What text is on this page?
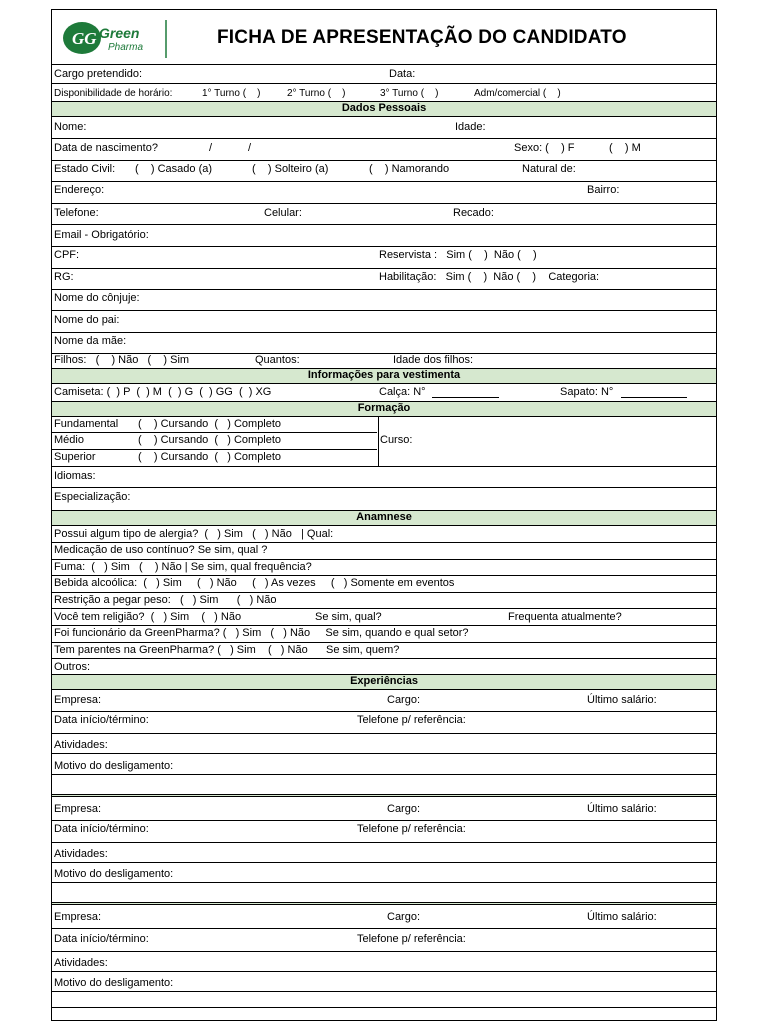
GG Green
Pharma	FICHA DE APRESENTAÇÃO DO CANDIDATO
Cargo pretendido:	Data:
Disponibilidade de horário:	1° Turno (    )	2° Turno (    )	3° Turno (    )	Adm/comercial (    )
Dados Pessoais
Nome:	Idade:
Data de nascimento?	/	/	Sexo: (    ) F	(    ) M
Estado Civil: (    ) Casado (a)	(    ) Solteiro (a)	(    ) Namorando	Natural de:
Endereço:	Bairro:
Telefone:	Celular:	Recado:
Email - Obrigatório:
CPF:	Reservista :   Sim (    )  Não (    )
RG:	Habilitação:   Sim (    )  Não (    )    Categoria:
Nome do cônjuje:
Nome do pai:
Nome da mãe:
Filhos:   (    ) Não   (    ) Sim	Quantos:	Idade dos filhos:
Informações para vestimenta
Camiseta: (  ) P  (  ) M  (  ) G  (  ) GG  (  ) XG	Calça: N°	Sapato: N°
Formação
Fundamental (    ) Cursando  (   ) Completo
Médio	(    ) Cursando  (   ) Completo
Superior	(    ) Cursando  (   ) Completo
Curso:
Idiomas:
Especialização:
Anamnese
Possui algum tipo de alergia?  (   ) Sim   (   ) Não   | Qual:
Medicação de uso contínuo? Se sim, qual ?
Fuma:  (   ) Sim   (    ) Não | Se sim, qual frequência?
Bebida alcoólica:  (   ) Sim     (   ) Não     (   ) As vezes     (   ) Somente em eventos
Restrição a pegar peso:   (   ) Sim      (   ) Não
Você tem religião?  (   ) Sim    (   ) Não	Se sim, qual?	Frequenta atualmente?
Foi funcionário da GreenPharma? (   ) Sim   (   ) Não     Se sim, quando e qual setor?
Tem parentes na GreenPharma? (   ) Sim    (   ) Não      Se sim, quem?
Outros:
Experiências
Empresa:	Cargo:	Último salário:
Data início/término:	Telefone p/ referência:
Atividades:
Motivo do desligamento:
Empresa:	Cargo:	Último salário:
Data início/término:	Telefone p/ referência:
Atividades:
Motivo do desligamento:
Empresa:	Cargo:	Último salário:
Data início/término:	Telefone p/ referência:
Atividades:
Motivo do desligamento:
